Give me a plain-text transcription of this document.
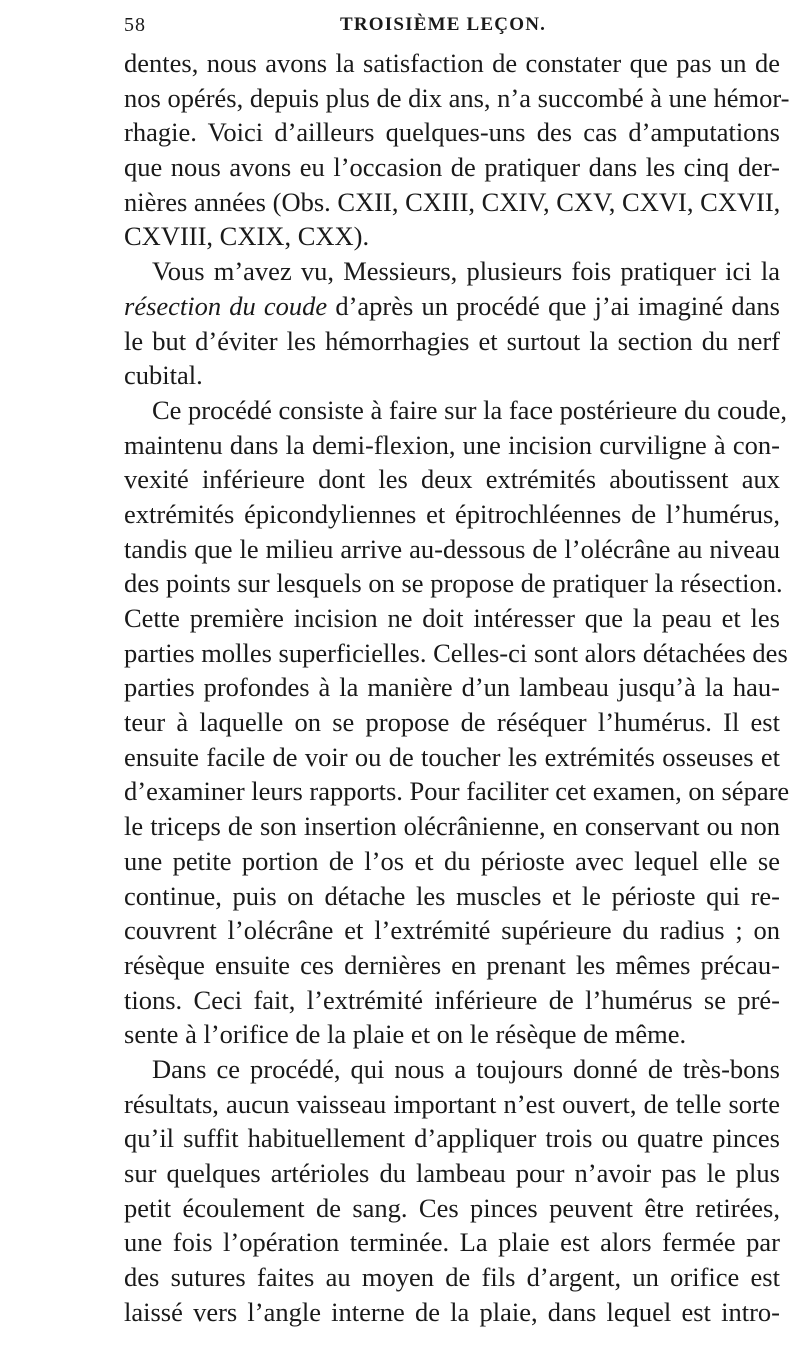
58	TROISIÈME LEÇON.
dentes, nous avons la satisfaction de constater que pas un de
nos opérés, depuis plus de dix ans, n’a succombé à une hémor-
rhagie. Voici d’ailleurs quelques-uns des cas d’amputations
que nous avons eu l’occasion de pratiquer dans les cinq der-
nières années (Obs. CXII, CXIII, CXIV, CXV, CXVI, CXVII,
CXVIII, CXIX, CXX).
Vous m’avez vu, Messieurs, plusieurs fois pratiquer ici la
résection du coude d’après un procédé que j’ai imaginé dans
le but d’éviter les hémorrhagies et surtout la section du nerf
cubital.
Ce procédé consiste à faire sur la face postérieure du coude,
maintenu dans la demi-flexion, une incision curviligne à con-
vexité inférieure dont les deux extrémités aboutissent aux
extrémités épicondyliennes et épitrochléennes de l’humérus,
tandis que le milieu arrive au-dessous de l’olécrâne au niveau
des points sur lesquels on se propose de pratiquer la résection.
Cette première incision ne doit intéresser que la peau et les
parties molles superficielles. Celles-ci sont alors détachées des
parties profondes à la manière d’un lambeau jusqu’à la hau-
teur à laquelle on se propose de réséquer l’humérus. Il est
ensuite facile de voir ou de toucher les extrémités osseuses et
d’examiner leurs rapports. Pour faciliter cet examen, on sépare
le triceps de son insertion olécrânienne, en conservant ou non
une petite portion de l’os et du périoste avec lequel elle se
continue, puis on détache les muscles et le périoste qui re-
couvrent l’olécrâne et l’extrémité supérieure du radius ; on
résèque ensuite ces dernières en prenant les mêmes précau-
tions. Ceci fait, l’extrémité inférieure de l’humérus se pré-
sente à l’orifice de la plaie et on le résèque de même.
Dans ce procédé, qui nous a toujours donné de très-bons
résultats, aucun vaisseau important n’est ouvert, de telle sorte
qu’il suffit habituellement d’appliquer trois ou quatre pinces
sur quelques artérioles du lambeau pour n’avoir pas le plus
petit écoulement de sang. Ces pinces peuvent être retirées,
une fois l’opération terminée. La plaie est alors fermée par
des sutures faites au moyen de fils d’argent, un orifice est
laissé vers l’angle interne de la plaie, dans lequel est intro-
